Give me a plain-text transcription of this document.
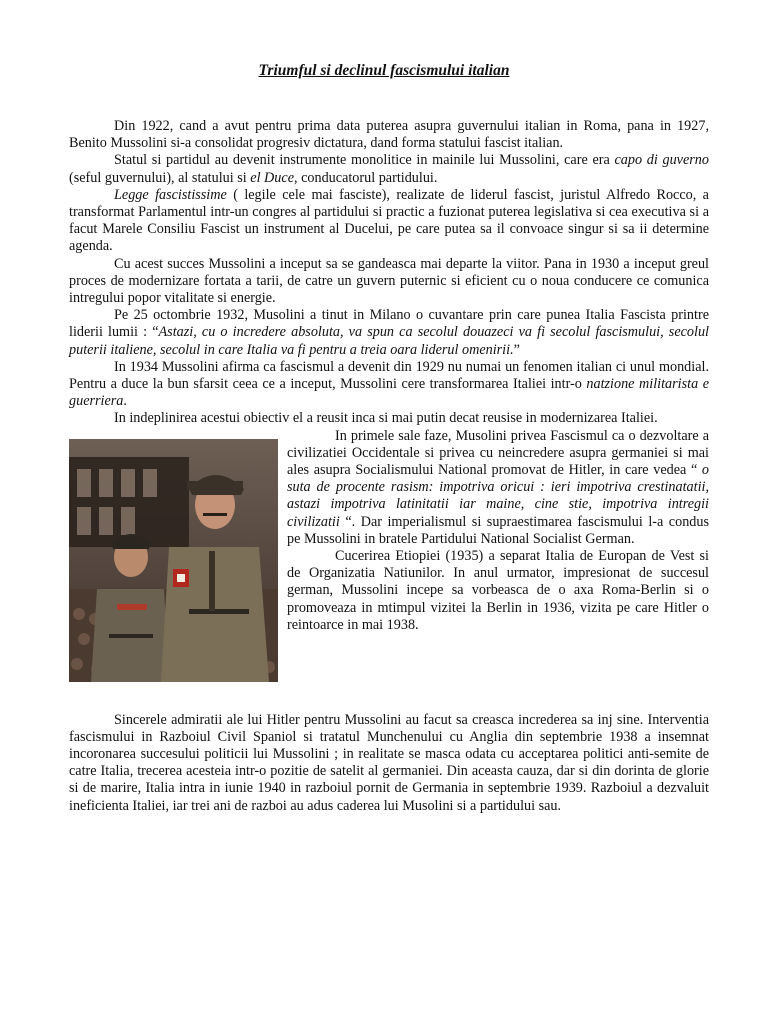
Triumful si declinul fascismului italian

Din 1922, cand a avut pentru prima data puterea asupra guvernului italian in Roma, pana in 1927, Benito Mussolini si-a consolidat progresiv dictatura, dand forma statului fascist italian.

Statul si partidul au devenit instrumente monolitice in mainile lui Mussolini, care era capo di guverno (seful guvernului), al statului si el Duce, conducatorul partidului.

Legge fascistissime ( legile cele mai fasciste), realizate de liderul fascist, juristul Alfredo Rocco, a transformat Parlamentul intr-un congres al partidului si practic a fuzionat puterea legislativa si cea executiva si a facut Marele Consiliu Fascist un instrument al Ducelui, pe care putea sa il convoace singur si sa ii determine agenda.

Cu acest succes Mussolini a inceput sa se gandeasca mai departe la viitor. Pana in 1930 a inceput greul proces de modernizare fortata a tarii, de catre un guvern puternic si eficient cu o noua conducere ce comunica intregului popor vitalitate si energie.

Pe 25 octombrie 1932, Musolini a tinut in Milano o cuvantare prin care punea Italia Fascista printre liderii lumii : “Astazi, cu o incredere absoluta, va spun ca secolul douazeci va fi secolul fascismului, secolul puterii italiene, secolul in care Italia va fi pentru a treia oara liderul omenirii.”

In 1934 Mussolini afirma ca fascismul a devenit din 1929 nu numai un fenomen italian ci unul mondial. Pentru a duce la bun sfarsit ceea ce a inceput, Mussolini cere transformarea Italiei intr-o natzione militarista e guerriera.

In indeplinirea acestui obiectiv el a reusit inca si mai putin decat reusise in modernizarea Italiei.

In primele sale faze, Musolini privea Fascismul ca o dezvoltare a civilizatiei Occidentale si privea cu neincredere asupra germaniei si mai ales asupra Socialismului National promovat de Hitler, in care vedea “ o suta de procente rasism: impotriva oricui : ieri impotriva crestinatatii, astazi impotriva latinitatii iar maine, cine stie, impotriva intregii civilizatii “. Dar imperialismul si supraestimarea fascismului l-a condus pe Mussolini in bratele Partidului National Socialist German.

Cucerirea Etiopiei (1935) a separat Italia de Europan de Vest si de Organizatia Natiunilor. In anul urmator, impresionat de succesul german, Mussolini incepe sa vorbeasca de o axa Roma-Berlin si o promoveaza in mtimpul vizitei la Berlin in 1936, vizita pe care Hitler o reintoarce in mai 1938.

Sincerele admiratii ale lui Hitler pentru Mussolini au facut sa creasca increderea sa inj sine. Interventia fascismului in Razboiul Civil Spaniol si tratatul Munchenului cu Anglia din septembrie 1938 a insemnat incoronarea succesului politicii lui Mussolini ; in realitate se masca odata cu acceptarea politici anti-semite de catre Italia, trecerea acesteia intr-o pozitie de satelit al germaniei. Din aceasta cauza, dar si din dorinta de glorie si de marire, Italia intra in iunie 1940 in razboiul pornit de Germania in septembrie 1939. Razboiul a dezvaluit ineficienta Italiei, iar trei ani de razboi au adus caderea lui Musolini si a partidului sau.
